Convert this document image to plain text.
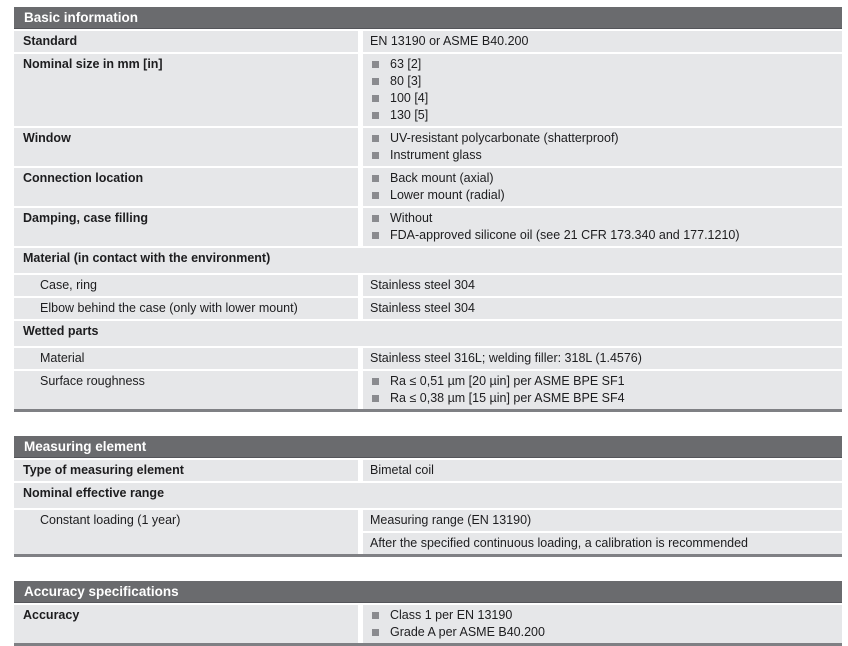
Basic information
Standard	EN 13190 or ASME B40.200
Nominal size in mm [in]	63 [2]
80 [3]
100 [4]
130 [5]
Window	UV-resistant polycarbonate (shatterproof)
Instrument glass
Connection location	Back mount (axial)
Lower mount (radial)
Damping, case filling	Without
FDA-approved silicone oil (see 21 CFR 173.340 and 177.1210)
Material (in contact with the environment)
Case, ring	Stainless steel 304
Elbow behind the case (only with lower mount)	Stainless steel 304
Wetted parts
Material	Stainless steel 316L; welding filler: 318L (1.4576)
Surface roughness	Ra ≤ 0,51 µm [20 µin] per ASME BPE SF1
Ra ≤ 0,38 µm [15 µin] per ASME BPE SF4
Measuring element
Type of measuring element	Bimetal coil
Nominal effective range
Constant loading (1 year)	Measuring range (EN 13190)
After the specified continuous loading, a calibration is recommended
Accuracy specifications
Accuracy	Class 1 per EN 13190
Grade A per ASME B40.200
